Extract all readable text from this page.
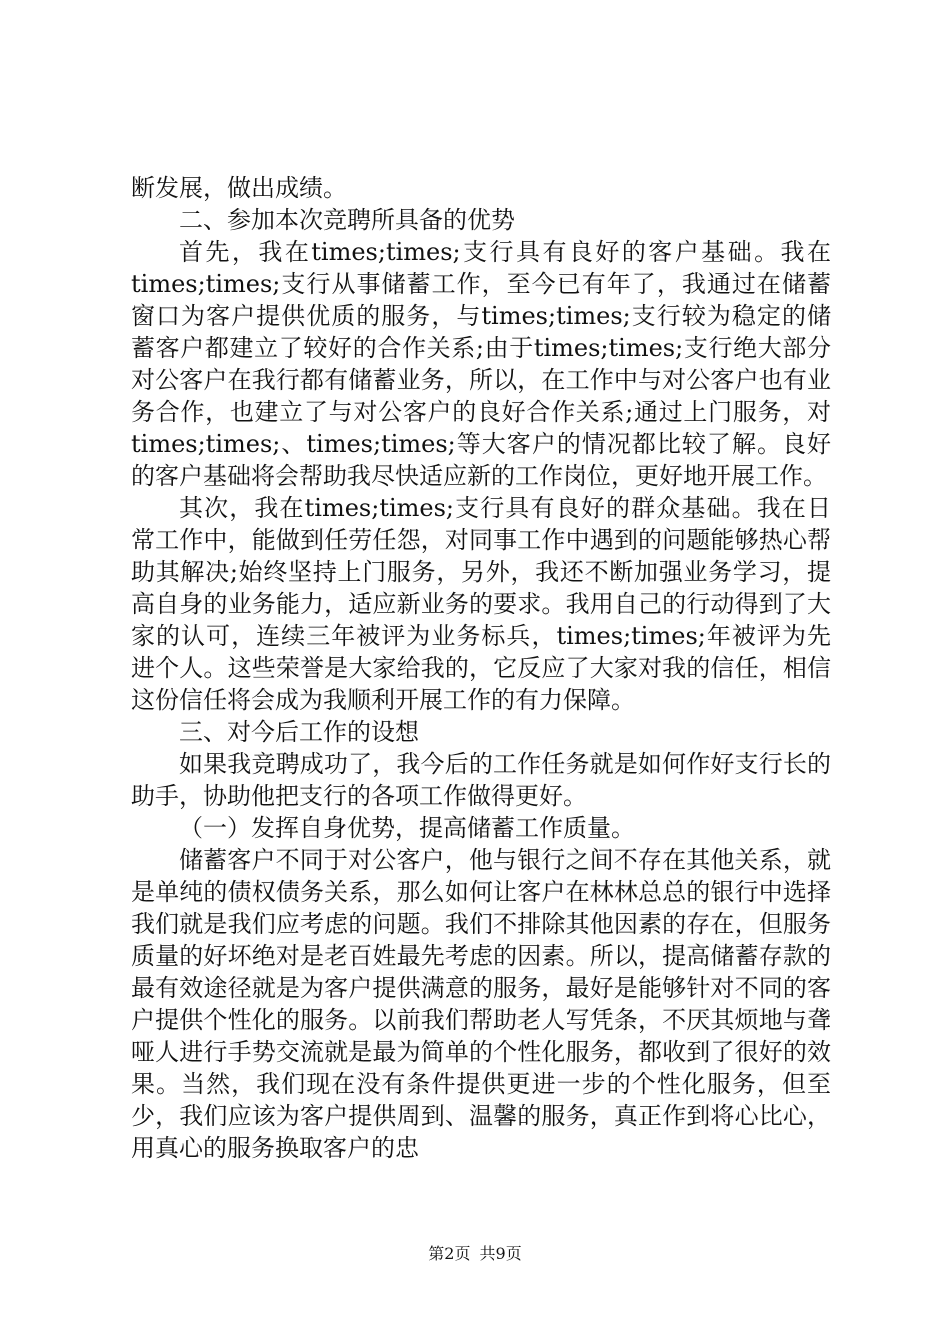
断发展，做出成绩。

二、参加本次竞聘所具备的优势

首先，我在times;times;支行具有良好的客户基础。我在times;times;支行从事储蓄工作，至今已有年了，我通过在储蓄窗口为客户提供优质的服务，与times;times;支行较为稳定的储蓄客户都建立了较好的合作关系;由于times;times;支行绝大部分对公客户在我行都有储蓄业务，所以，在工作中与对公客户也有业务合作，也建立了与对公客户的良好合作关系;通过上门服务，对times;times;、times;times;等大客户的情况都比较了解。良好的客户基础将会帮助我尽快适应新的工作岗位，更好地开展工作。

其次，我在times;times;支行具有良好的群众基础。我在日常工作中，能做到任劳任怨，对同事工作中遇到的问题能够热心帮助其解决;始终坚持上门服务，另外，我还不断加强业务学习，提高自身的业务能力，适应新业务的要求。我用自己的行动得到了大家的认可，连续三年被评为业务标兵，times;times;年被评为先进个人。这些荣誉是大家给我的，它反应了大家对我的信任，相信这份信任将会成为我顺利开展工作的有力保障。

三、对今后工作的设想

如果我竞聘成功了，我今后的工作任务就是如何作好支行长的助手，协助他把支行的各项工作做得更好。

（一）发挥自身优势，提高储蓄工作质量。

储蓄客户不同于对公客户，他与银行之间不存在其他关系，就是单纯的债权债务关系，那么如何让客户在林林总总的银行中选择我们就是我们应考虑的问题。我们不排除其他因素的存在，但服务质量的好坏绝对是老百姓最先考虑的因素。所以，提高储蓄存款的最有效途径就是为客户提供满意的服务，最好是能够针对不同的客户提供个性化的服务。以前我们帮助老人写凭条，不厌其烦地与聋哑人进行手势交流就是最为简单的个性化服务，都收到了很好的效果。当然，我们现在没有条件提供更进一步的个性化服务，但至少，我们应该为客户提供周到、温馨的服务，真正作到将心比心，用真心的服务换取客户的忠

第2页 共9页
